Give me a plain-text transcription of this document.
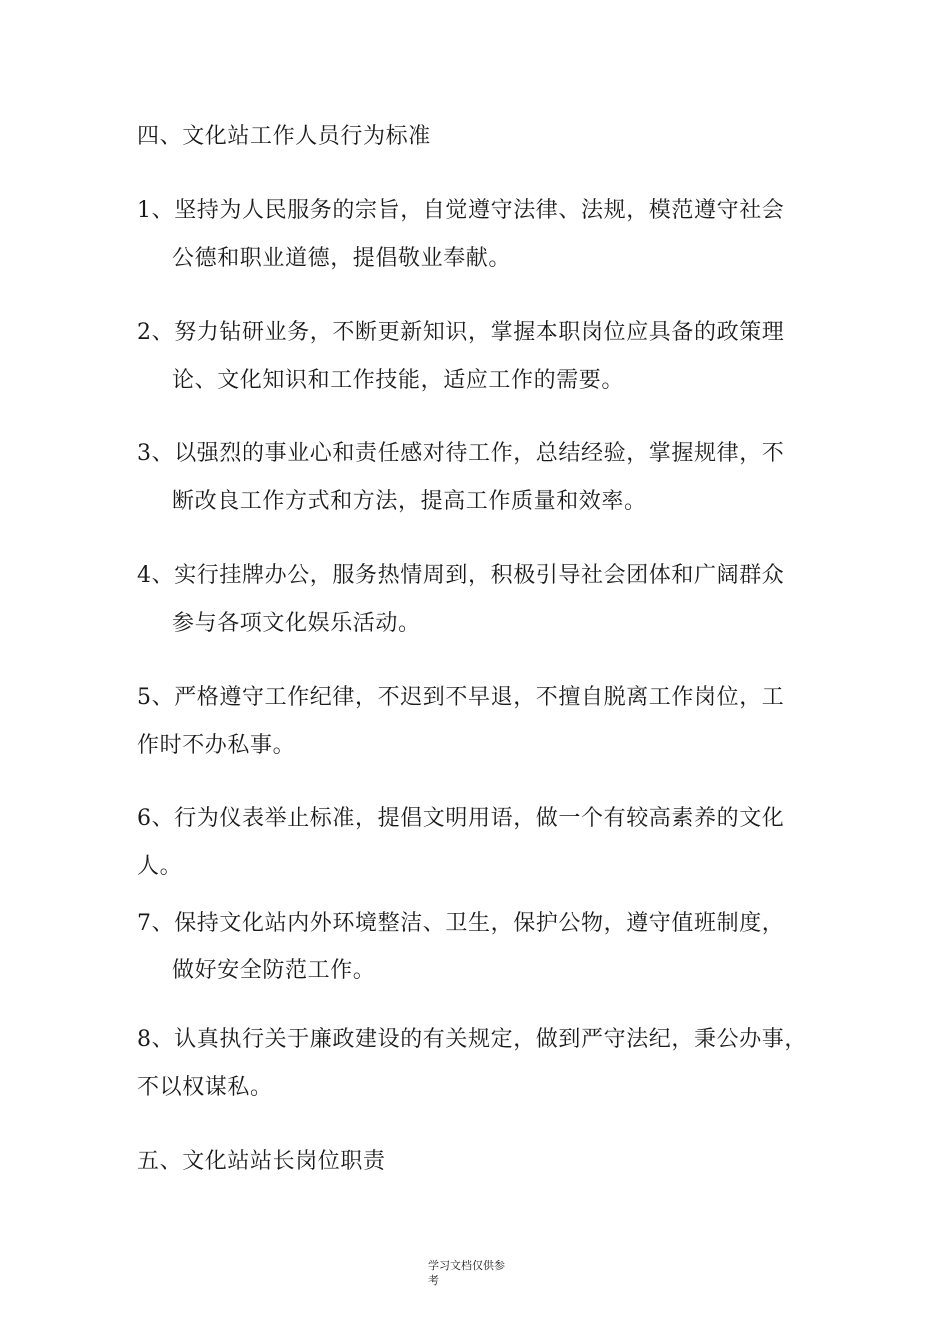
四、文化站工作人员行为标准
1、坚持为人民服务的宗旨，自觉遵守法律、法规，模范遵守社会
公德和职业道德，提倡敬业奉献。
2、努力钻研业务，不断更新知识，掌握本职岗位应具备的政策理
论、文化知识和工作技能，适应工作的需要。
3、以强烈的事业心和责任感对待工作，总结经验，掌握规律，不
断改良工作方式和方法，提高工作质量和效率。
4、实行挂牌办公，服务热情周到，积极引导社会团体和广阔群众
参与各项文化娱乐活动。
5、严格遵守工作纪律，不迟到不早退，不擅自脱离工作岗位，工
作时不办私事。
6、行为仪表举止标准，提倡文明用语，做一个有较高素养的文化
人。
7、保持文化站内外环境整洁、卫生，保护公物，遵守值班制度，
做好安全防范工作。
8、认真执行关于廉政建设的有关规定，做到严守法纪，秉公办事，
不以权谋私。
五、文化站站长岗位职责
学习文档仅供参
考
